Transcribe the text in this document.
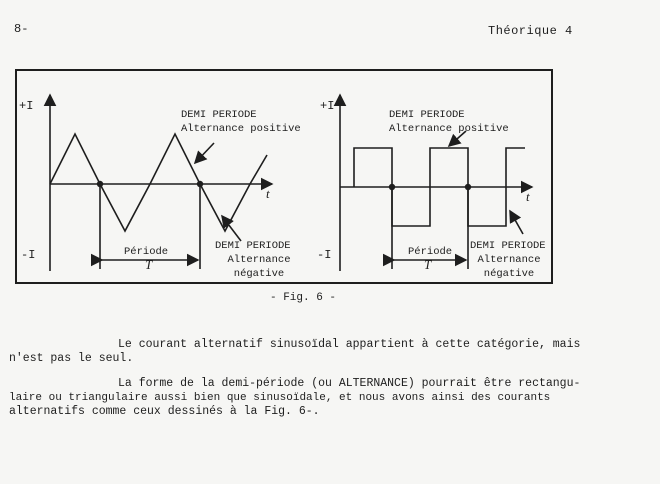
8-	Théorique 4
+I
-I
t
DEMI PERIODE
Alternance positive
DEMI PERIODE
Alternance
négative
Période
T
+I
-I
t
DEMI PERIODE
Alternance positive
DEMI PERIODE
Alternance
négative
Période
T
- Fig. 6 -
Le courant alternatif sinusoïdal appartient à cette catégorie, mais
n'est pas le seul.
La forme de la demi-période (ou ALTERNANCE) pourrait être rectangu-
laire ou triangulaire aussi bien que sinusoïdale, et nous avons ainsi des courants
alternatifs comme ceux dessinés à la Fig. 6-.
